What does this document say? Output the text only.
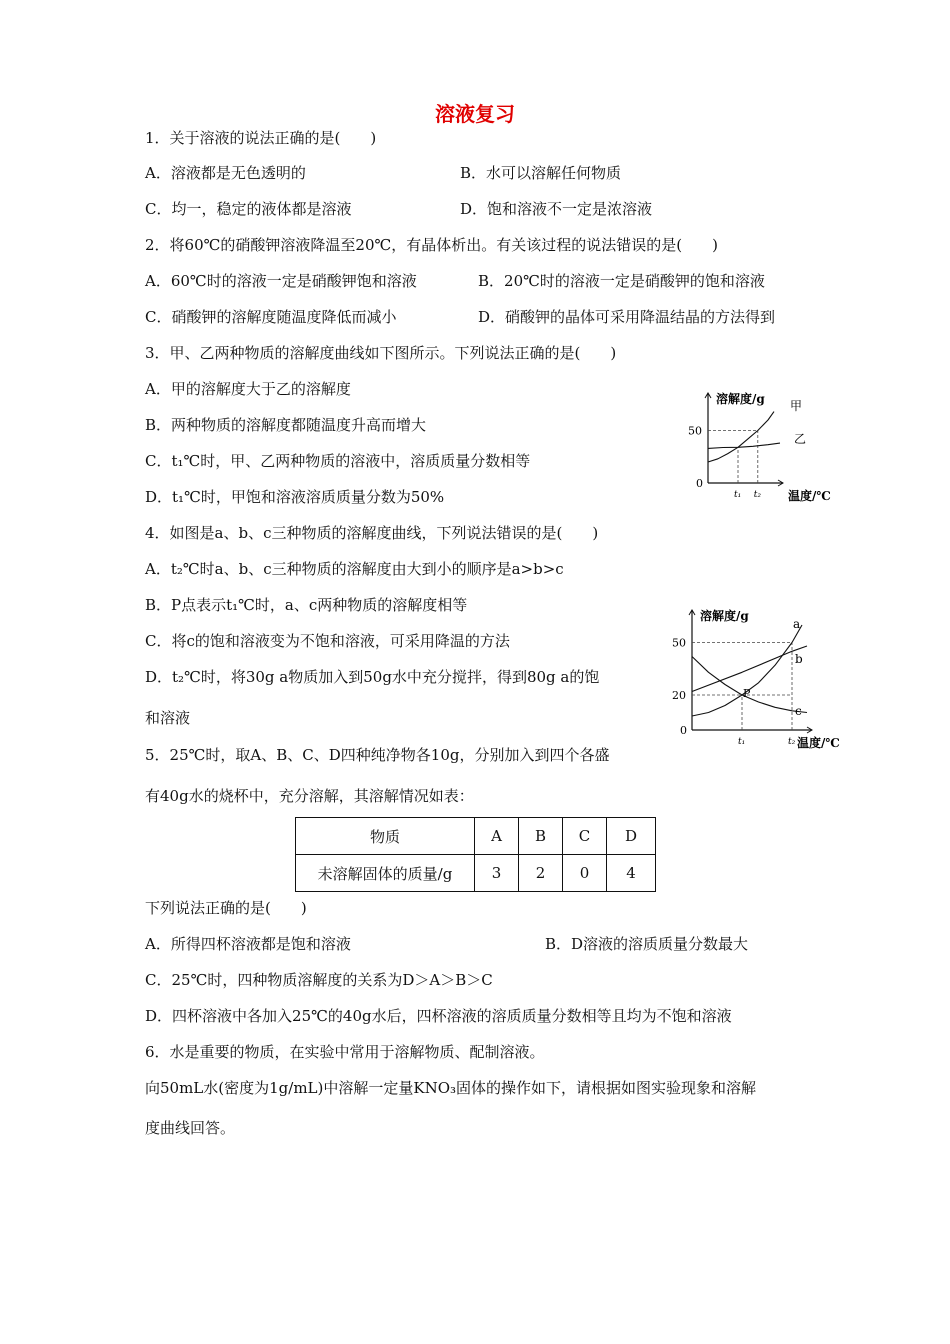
溶液复习
1．关于溶液的说法正确的是(　　)
A．溶液都是无色透明的	B．水可以溶解任何物质
C．均一，稳定的液体都是溶液	D．饱和溶液不一定是浓溶液
2．将60℃的硝酸钾溶液降温至20℃，有晶体析出。有关该过程的说法错误的是(　　)
A．60℃时的溶液一定是硝酸钾饱和溶液	B．20℃时的溶液一定是硝酸钾的饱和溶液
C．硝酸钾的溶解度随温度降低而减小	D．硝酸钾的晶体可采用降温结晶的方法得到
3．甲、乙两种物质的溶解度曲线如下图所示。下列说法正确的是(　　)
A．甲的溶解度大于乙的溶解度
B．两种物质的溶解度都随温度升高而增大
C．t₁℃时，甲、乙两种物质的溶液中，溶质质量分数相等
D．t₁℃时，甲饱和溶液溶质质量分数为50%
4．如图是a、b、c三种物质的溶解度曲线，下列说法错误的是(　　)
A．t₂℃时a、b、c三种物质的溶解度由大到小的顺序是a>b>c
B．P点表示t₁℃时，a、c两种物质的溶解度相等
C．将c的饱和溶液变为不饱和溶液，可采用降温的方法
D．t₂℃时，将30g a物质加入到50g水中充分搅拌，得到80g a的饱
和溶液
5．25℃时，取A、B、C、D四种纯净物各10g，分别加入到四个各盛
有40g水的烧杯中，充分溶解，其溶解情况如表：
物质	A	B	C	D
未溶解固体的质量/g	3	2	0	4
下列说法正确的是(　　)
A．所得四杯溶液都是饱和溶液	B．D溶液的溶质质量分数最大
C．25℃时，四种物质溶解度的关系为D＞A＞B＞C
D．四杯溶液中各加入25℃的40g水后，四杯溶液的溶质质量分数相等且均为不饱和溶液
6．水是重要的物质，在实验中常用于溶解物质、配制溶液。
向50mL水(密度为1g/mL)中溶解一定量KNO₃固体的操作如下，请根据如图实验现象和溶解
度曲线回答。
溶解度/g
温度/℃
0
50
t₁ t₂
甲
乙
溶解度/g
温度/℃
0
50
20
t₁	t₂
a
b
c
P
